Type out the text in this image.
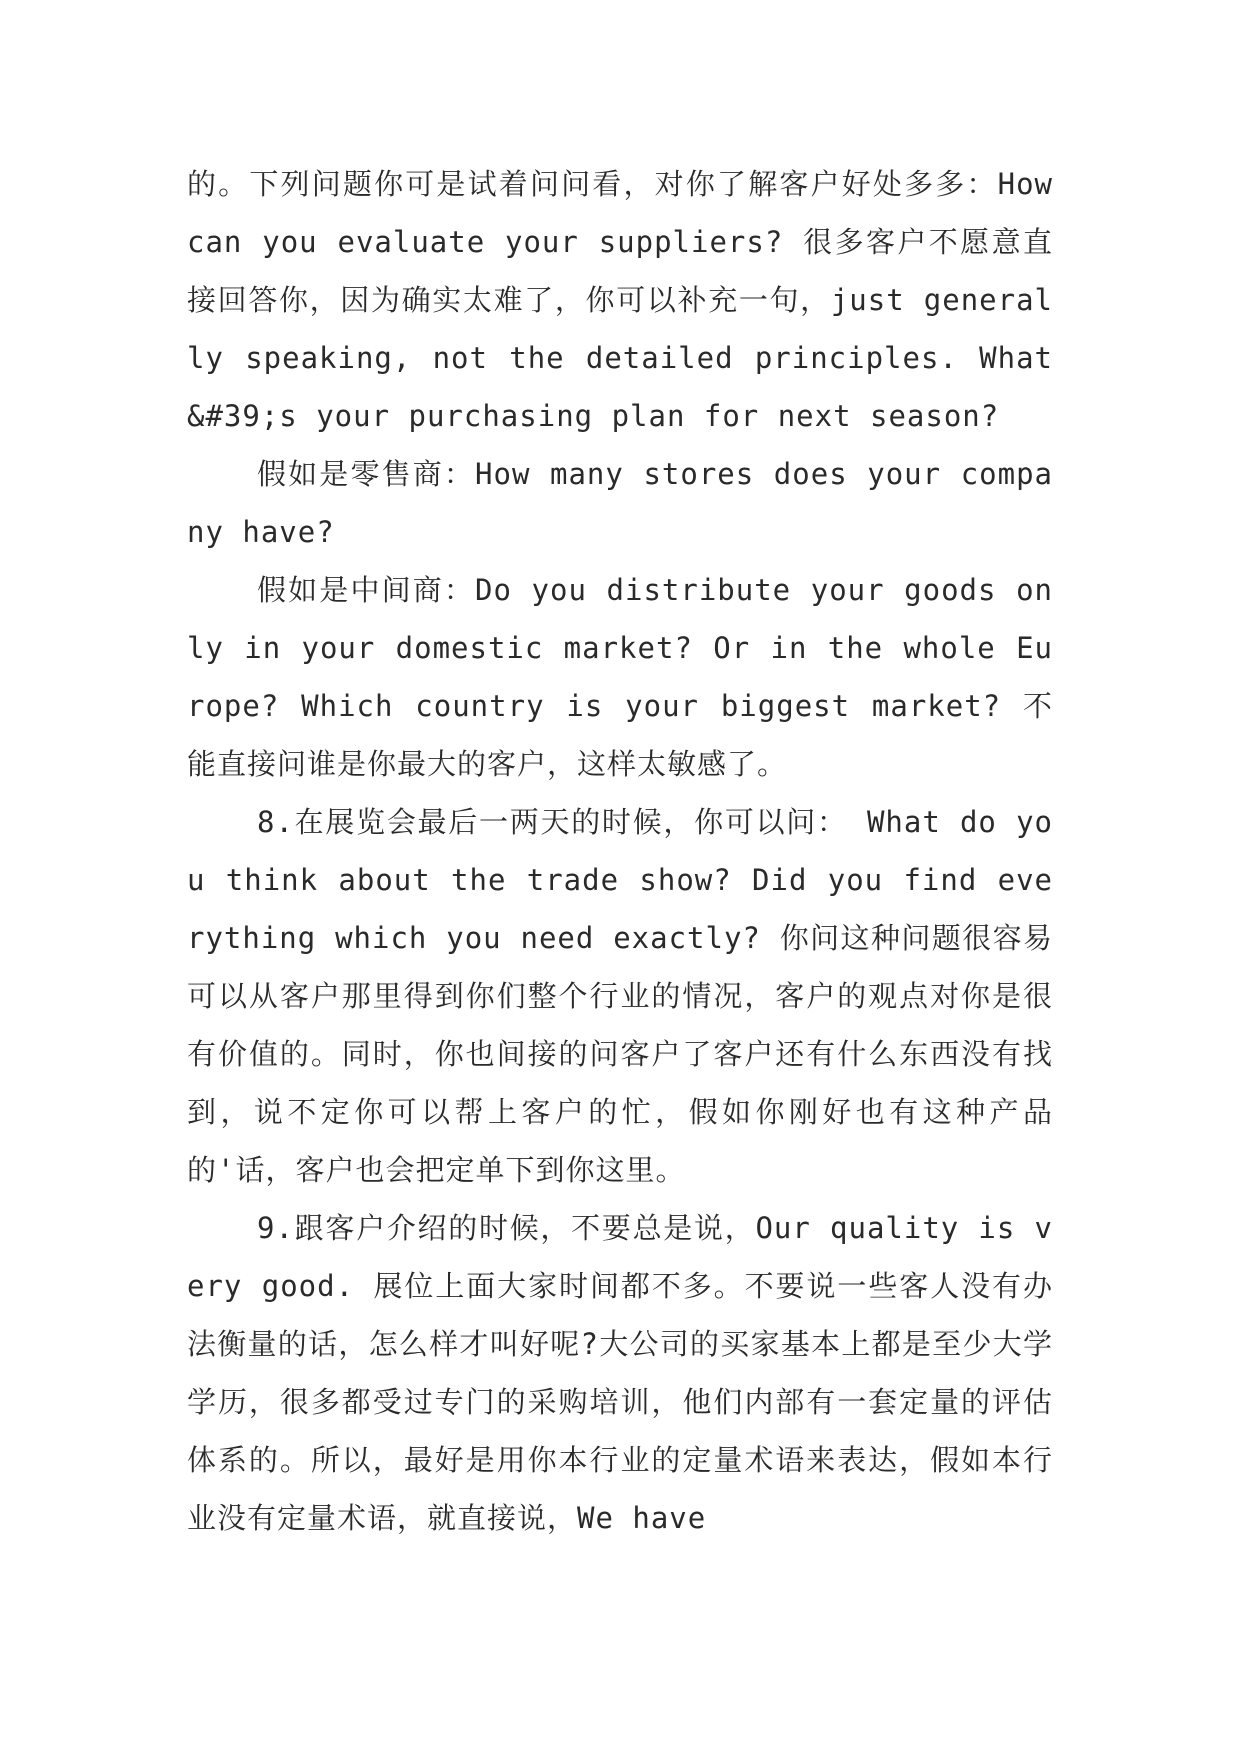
的。下列问题你可是试着问问看，对你了解客户好处多多：How can you evaluate your suppliers? 很多客户不愿意直接回答你，因为确实太难了，你可以补充一句，just generally speaking, not the detailed principles. What&#39;s your purchasing plan for next season?

假如是零售商：How many stores does your company have?

假如是中间商：Do you distribute your goods only in your domestic market? Or in the whole Europe? Which country is your biggest market? 不能直接问谁是你最大的客户，这样太敏感了。

8.在展览会最后一两天的时候，你可以问： What do you think about the trade show? Did you find everything which you need exactly? 你问这种问题很容易可以从客户那里得到你们整个行业的情况，客户的观点对你是很有价值的。同时，你也间接的问客户了客户还有什么东西没有找到，说不定你可以帮上客户的忙，假如你刚好也有这种产品的'话，客户也会把定单下到你这里。

9.跟客户介绍的时候，不要总是说，Our quality is very good. 展位上面大家时间都不多。不要说一些客人没有办法衡量的话，怎么样才叫好呢?大公司的买家基本上都是至少大学学历，很多都受过专门的采购培训，他们内部有一套定量的评估体系的。所以，最好是用你本行业的定量术语来表达，假如本行业没有定量术语，就直接说，We have
